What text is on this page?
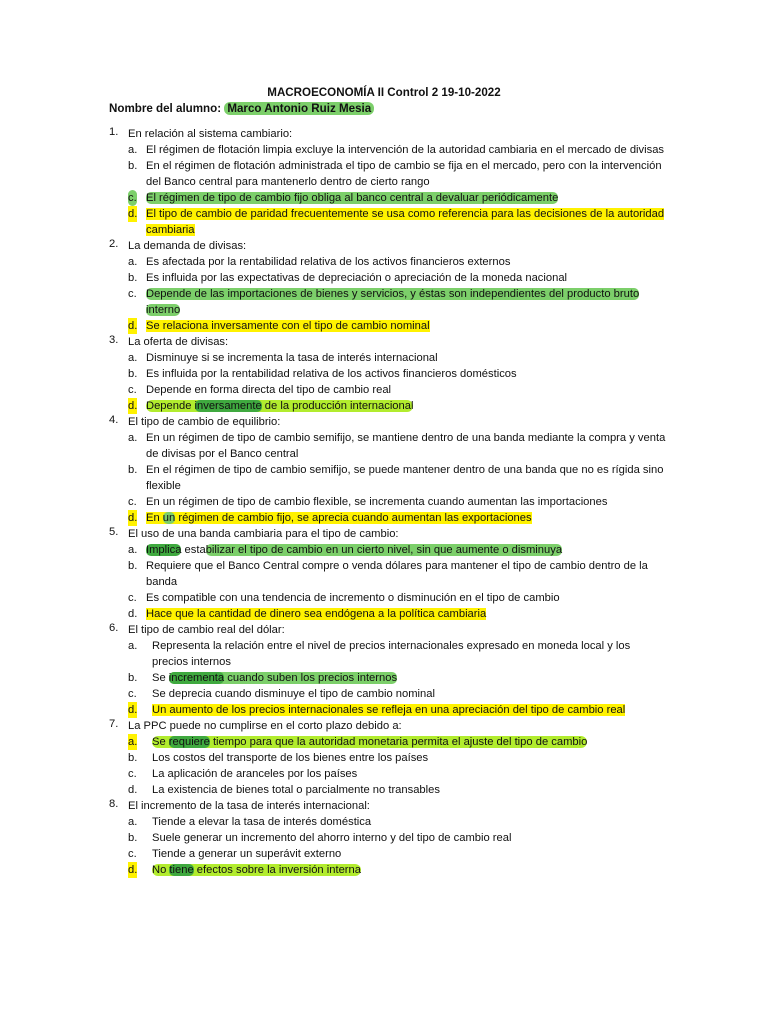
MACROECONOMÍA II Control 2 19-10-2022
Nombre del alumno: Marco Antonio Ruiz Mesia
1. En relación al sistema cambiario:
a. El régimen de flotación limpia excluye la intervención de la autoridad cambiaria en el mercado de divisas
b. En el régimen de flotación administrada el tipo de cambio se fija en el mercado, pero con la intervención del Banco central para mantenerlo dentro de cierto rango
c. El régimen de tipo de cambio fijo obliga al banco central a devaluar periódicamente
d. El tipo de cambio de paridad frecuentemente se usa como referencia para las decisiones de la autoridad cambiaria
2. La demanda de divisas:
a. Es afectada por la rentabilidad relativa de los activos financieros externos
b. Es influida por las expectativas de depreciación o apreciación de la moneda nacional
c. Depende de las importaciones de bienes y servicios, y éstas son independientes del producto bruto interno
d. Se relaciona inversamente con el tipo de cambio nominal
3. La oferta de divisas:
a. Disminuye si se incrementa la tasa de interés internacional
b. Es influida por la rentabilidad relativa de los activos financieros domésticos
c. Depende en forma directa del tipo de cambio real
d. Depende inversamente de la producción internacional
4. El tipo de cambio de equilibrio:
a. En un régimen de tipo de cambio semifijo, se mantiene dentro de una banda mediante la compra y venta de divisas por el Banco central
b. En el régimen de tipo de cambio semifijo, se puede mantener dentro de una banda que no es rígida sino flexible
c. En un régimen de tipo de cambio flexible, se incrementa cuando aumentan las importaciones
d. En un régimen de cambio fijo, se aprecia cuando aumentan las exportaciones
5. El uso de una banda cambiaria para el tipo de cambio:
a. Implica estabilizar el tipo de cambio en un cierto nivel, sin que aumente o disminuya
b. Requiere que el Banco Central compre o venda dólares para mantener el tipo de cambio dentro de la banda
c. Es compatible con una tendencia de incremento o disminución en el tipo de cambio
d. Hace que la cantidad de dinero sea endógena a la política cambiaria
6. El tipo de cambio real del dólar:
a.	Representa la relación entre el nivel de precios internacionales expresado en moneda local y los precios internos
b.	Se incrementa cuando suben los precios internos
c.	Se deprecia cuando disminuye el tipo de cambio nominal
d.	Un aumento de los precios internacionales se refleja en una apreciación del tipo de cambio real
7. La PPC puede no cumplirse en el corto plazo debido a:
a.	Se requiere tiempo para que la autoridad monetaria permita el ajuste del tipo de cambio
b.	Los costos del transporte de los bienes entre los países
c.	La aplicación de aranceles por los países
d.	La existencia de bienes total o parcialmente no transables
8. El incremento de la tasa de interés internacional:
a.	Tiende a elevar la tasa de interés doméstica
b.	Suele generar un incremento del ahorro interno y del tipo de cambio real
c.	Tiende a generar un superávit externo
d.	No tiene efectos sobre la inversión interna
